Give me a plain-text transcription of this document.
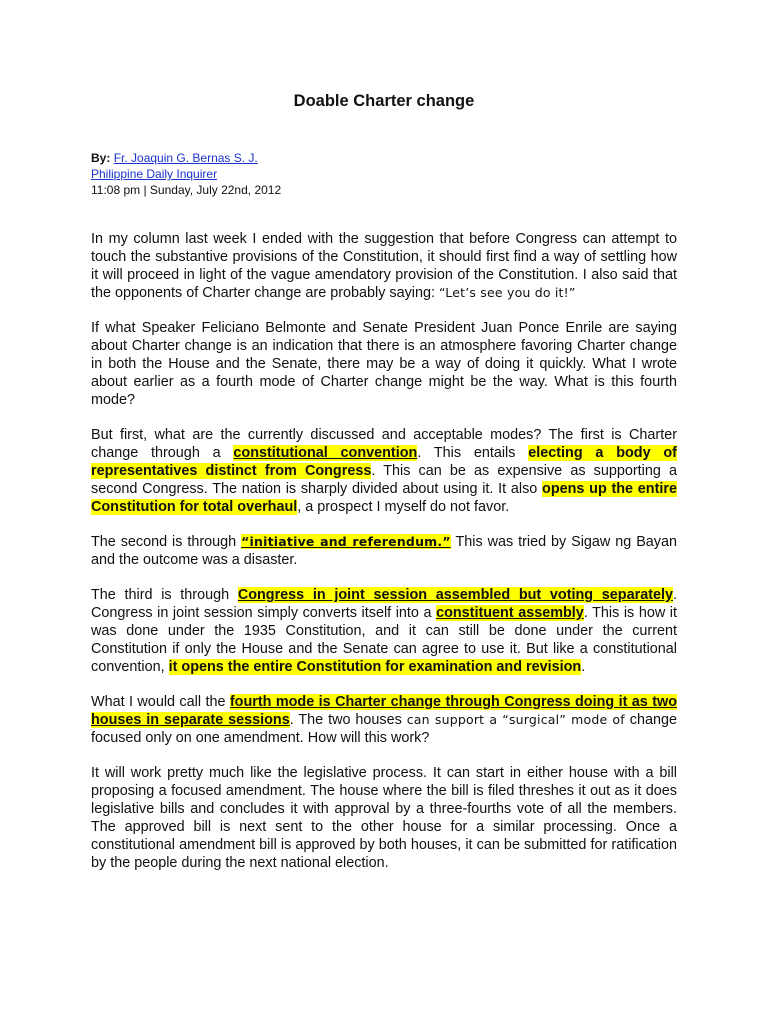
Doable Charter change
By: Fr. Joaquin G. Bernas S. J.
Philippine Daily Inquirer
11:08 pm | Sunday, July 22nd, 2012

In my column last week I ended with the suggestion that before Congress can attempt to touch the substantive provisions of the Constitution, it should first find a way of settling how it will proceed in light of the vague amendatory provision of the Constitution. I also said that the opponents of Charter change are probably saying: “Let’s see you do it!”

If what Speaker Feliciano Belmonte and Senate President Juan Ponce Enrile are saying about Charter change is an indication that there is an atmosphere favoring Charter change in both the House and the Senate, there may be a way of doing it quickly. What I wrote about earlier as a fourth mode of Charter change might be the way. What is this fourth mode?

But first, what are the currently discussed and acceptable modes? The first is Charter change through a constitutional convention. This entails electing a body of representatives distinct from Congress. This can be as expensive as supporting a second Congress. The nation is sharply divided about using it. It also opens up the entire Constitution for total overhaul, a prospect I myself do not favor.

The second is through “initiative and referendum.” This was tried by Sigaw ng Bayan and the outcome was a disaster.

The third is through Congress in joint session assembled but voting separately. Congress in joint session simply converts itself into a constituent assembly. This is how it was done under the 1935 Constitution, and it can still be done under the current Constitution if only the House and the Senate can agree to use it. But like a constitutional convention, it opens the entire Constitution for examination and revision.

What I would call the fourth mode is Charter change through Congress doing it as two houses in separate sessions. The two houses can support a “surgical” mode of change focused only on one amendment. How will this work?

It will work pretty much like the legislative process. It can start in either house with a bill proposing a focused amendment. The house where the bill is filed threshes it out as it does legislative bills and concludes it with approval by a three-fourths vote of all the members. The approved bill is next sent to the other house for a similar processing. Once a constitutional amendment bill is approved by both houses, it can be submitted for ratification by the people during the next national election.
